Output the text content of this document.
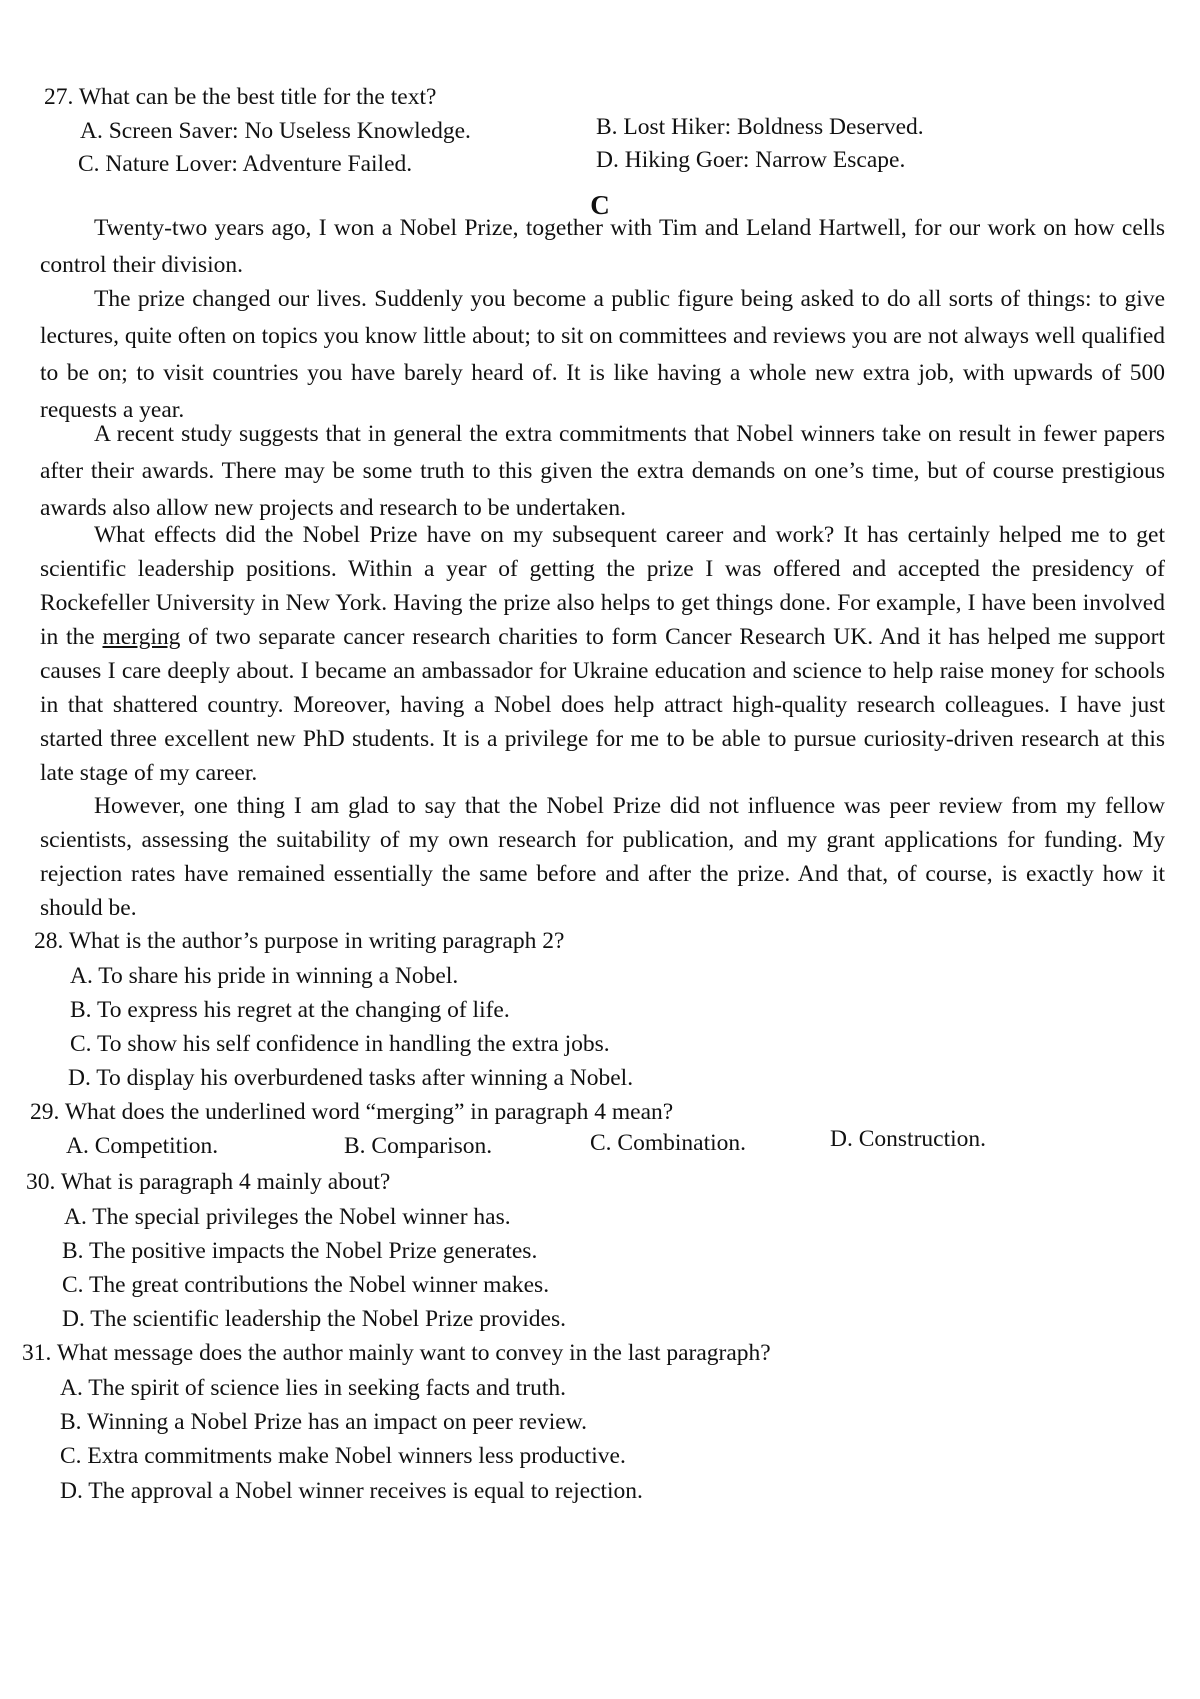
27. What can be the best title for the text?
A. Screen Saver: No Useless Knowledge.	B. Lost Hiker: Boldness Deserved.
C. Nature Lover: Adventure Failed.	D. Hiking Goer: Narrow Escape.
C

Twenty-two years ago, I won a Nobel Prize, together with Tim and Leland Hartwell, for our work on how cells control their division.

The prize changed our lives. Suddenly you become a public figure being asked to do all sorts of things: to give lectures, quite often on topics you know little about; to sit on committees and reviews you are not always well qualified to be on; to visit countries you have barely heard of. It is like having a whole new extra job, with upwards of 500 requests a year.

A recent study suggests that in general the extra commitments that Nobel winners take on result in fewer papers after their awards. There may be some truth to this given the extra demands on one’s time, but of course prestigious awards also allow new projects and research to be undertaken.

What effects did the Nobel Prize have on my subsequent career and work? It has certainly helped me to get scientific leadership positions. Within a year of getting the prize I was offered and accepted the presidency of Rockefeller University in New York. Having the prize also helps to get things done. For example, I have been involved in the merging of two separate cancer research charities to form Cancer Research UK. And it has helped me support causes I care deeply about. I became an ambassador for Ukraine education and science to help raise money for schools in that shattered country. Moreover, having a Nobel does help attract high-quality research colleagues. I have just started three excellent new PhD students. It is a privilege for me to be able to pursue curiosity-driven research at this late stage of my career.

However, one thing I am glad to say that the Nobel Prize did not influence was peer review from my fellow scientists, assessing the suitability of my own research for publication, and my grant applications for funding. My rejection rates have remained essentially the same before and after the prize. And that, of course, is exactly how it should be.

28. What is the author’s purpose in writing paragraph 2?
A. To share his pride in winning a Nobel.
B. To express his regret at the changing of life.
C. To show his self confidence in handling the extra jobs.
D. To display his overburdened tasks after winning a Nobel.
29. What does the underlined word “merging” in paragraph 4 mean?
A. Competition.	B. Comparison.	C. Combination.	D. Construction.
30. What is paragraph 4 mainly about?
A. The special privileges the Nobel winner has.
B. The positive impacts the Nobel Prize generates.
C. The great contributions the Nobel winner makes.
D. The scientific leadership the Nobel Prize provides.
31. What message does the author mainly want to convey in the last paragraph?
A. The spirit of science lies in seeking facts and truth.
B. Winning a Nobel Prize has an impact on peer review.
C. Extra commitments make Nobel winners less productive.
D. The approval a Nobel winner receives is equal to rejection.
